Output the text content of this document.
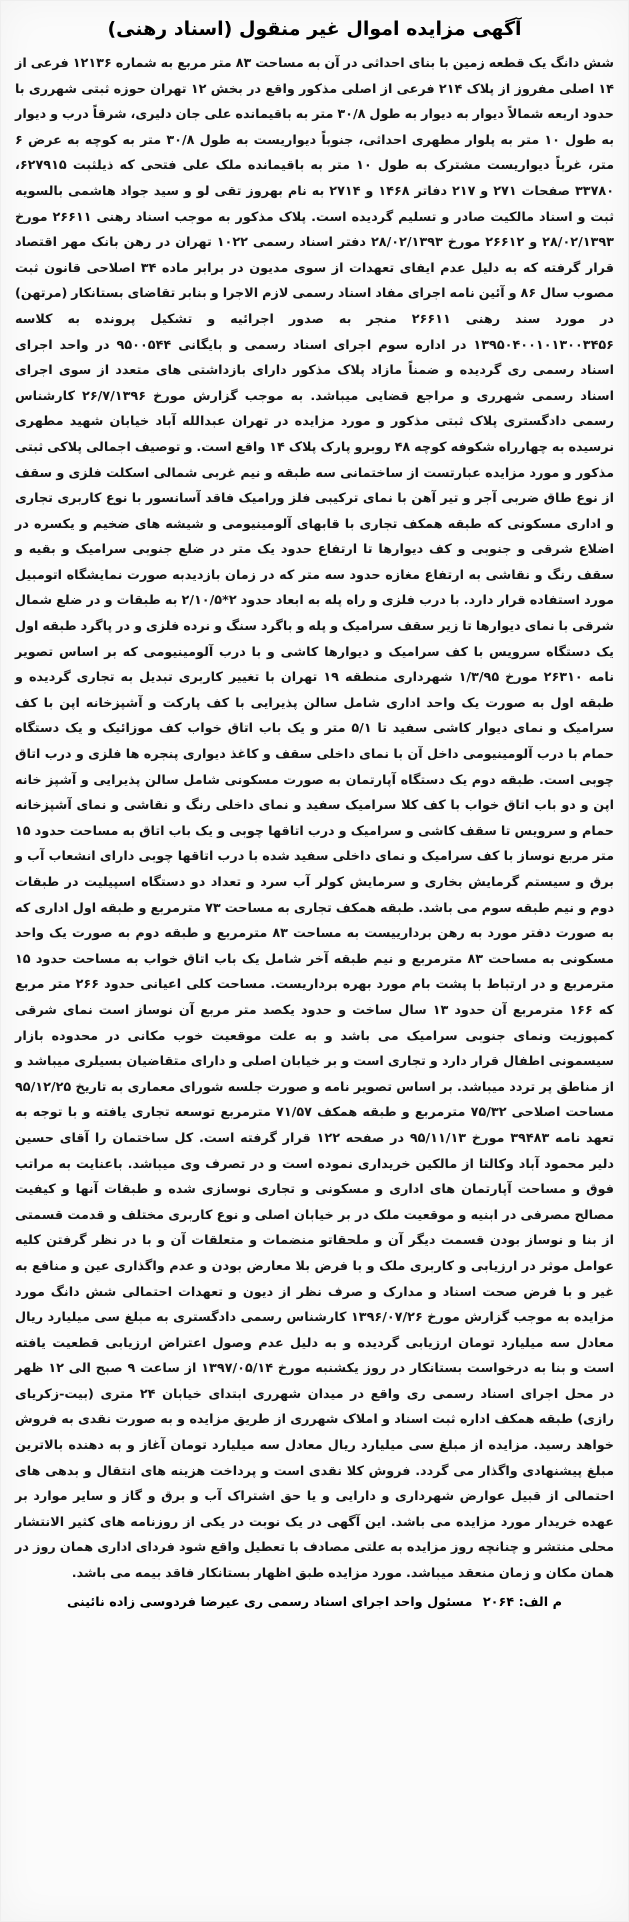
آگهی مزایده اموال غیر منقول (اسناد رهنی)

شش دانگ یک قطعه زمین با بنای احداثی در آن به مساحت ۸۳ متر مربع به شماره ۱۲۱۳۶ فرعی از ۱۴ اصلی مفروز از پلاک ۲۱۴ فرعی از اصلی مذکور واقع در بخش ۱۲ تهران حوزه ثبتی شهرری با حدود اربعه شمالاً دیوار به دیوار به طول ۳۰/۸ متر به باقیمانده علی جان دلیری، شرقاً درب و دیوار به طول ۱۰ متر به پلوار مطهری احداثی، جنوباً دیواریست به طول ۳۰/۸ متر به کوچه به عرض ۶ متر، غرباً دیواریست مشترک به طول ۱۰ متر به باقیمانده ملک علی فتحی که ذیلثبت ۶۲۷۹۱۵، ۳۳۷۸۰ صفحات ۲۷۱ و ۲۱۷ دفاتر ۱۴۶۸ و ۲۷۱۴ به نام بهروز تقی لو و سید جواد هاشمی بالسویه ثبت و اسناد مالکیت صادر و تسلیم گردیده است. پلاک مذکور به موجب اسناد رهنی ۲۶۶۱۱ مورخ ۲۸/۰۲/۱۳۹۳ و ۲۶۶۱۲ مورخ ۲۸/۰۲/۱۳۹۳ دفتر اسناد رسمی ۱۰۲۲ تهران در رهن بانک مهر اقتصاد قرار گرفته که به دلیل عدم ایفای تعهدات از سوی مدیون در برابر ماده ۳۴ اصلاحی قانون ثبت مصوب سال ۸۶ و آئین نامه اجرای مفاد اسناد رسمی لازم الاجرا و بنابر تقاضای بستانکار (مرتهن) در مورد سند رهنی ۲۶۶۱۱ منجر به صدور اجرائیه و تشکیل پرونده به کلاسه ۱۳۹۵۰۴۰۰۱۰۱۳۰۰۳۴۵۶ در اداره سوم اجرای اسناد رسمی و بایگانی ۹۵۰۰۵۴۴ در واحد اجرای اسناد رسمی ری گردیده و ضمناً مازاد پلاک مذکور دارای بازداشتی های متعدد از سوی اجرای اسناد رسمی شهرری و مراجع قضایی میباشد. به موجب گزارش مورخ ۲۶/۷/۱۳۹۶ کارشناس رسمی دادگستری پلاک ثبتی مذکور و مورد مزایده در تهران عبدالله آباد خیابان شهید مطهری نرسیده به چهارراه شکوفه کوچه ۴۸ روبرو پارک پلاک ۱۴ واقع است. و توصیف اجمالی پلاکی ثبتی مذکور و مورد مزایده عبارتست از ساختمانی سه طبقه و نیم غربی شمالی اسکلت فلزی و سقف از نوع طاق ضربی آجر و تیر آهن با نمای ترکیبی فلز ورامیک فاقد آسانسور با نوع کاربری تجاری و اداری مسکونی که طبقه همکف تجاری با قابهای آلومینیومی و شیشه های ضخیم و یکسره در اضلاع شرقی و جنوبی و کف دیوارها تا ارتفاع حدود یک متر در ضلع جنوبی سرامیک و بقیه و سقف رنگ و نقاشی به ارتفاع مغازه حدود سه متر که در زمان بازدیدبه صورت نمایشگاه اتومبیل مورد استفاده قرار دارد. با درب فلزی و راه پله به ابعاد حدود ۲*۲/۱۰/۵ به طبقات و در ضلع شمال شرقی با نمای دیوارها تا زیر سقف سرامیک و پله و باگرد سنگ و نرده فلزی و در پاگرد طبقه اول یک دستگاه سرویس با کف سرامیک و دیوارها کاشی و با درب آلومینیومی که بر اساس تصویر نامه ۲۶۳۱۰ مورخ ۱/۳/۹۵ شهرداری منطقه ۱۹ تهران با تغییر کاربری تبدیل به تجاری گردیده و طبقه اول به صورت یک واحد اداری شامل سالن پذیرایی با کف پارکت و آشپزخانه اپن با کف سرامیک و نمای دیوار کاشی سفید تا ۵/۱ متر و یک باب اتاق خواب کف موزائیک و یک دستگاه حمام با درب آلومینیومی داخل آن با نمای داخلی سقف و کاغذ دیواری پنجره ها فلزی و درب اتاق چوبی است. طبقه دوم یک دستگاه آپارتمان به صورت مسکونی شامل سالن پذیرایی و آشپز خانه اپن و دو باب اتاق خواب با کف کلا سرامیک سفید و نمای داخلی رنگ و نقاشی و نمای آشپزخانه حمام و سرویس تا سقف کاشی و سرامیک و درب اتاقها چوبی و یک باب اتاق به مساحت حدود ۱۵ متر مربع نوساز با کف سرامیک و نمای داخلی سفید شده با درب اتاقها چوبی دارای انشعاب آب و برق و سیستم گرمایش بخاری و سرمایش کولر آب سرد و تعداد دو دستگاه اسپیلیت در طبقات دوم و نیم طبقه سوم می باشد. طبقه همکف تجاری به مساحت ۷۳ مترمربع و طبقه اول اداری که به صورت دفتر مورد به رهن بردارییست به مساحت ۸۳ مترمربع و طبقه دوم به صورت یک واحد مسکونی به مساحت ۸۳ مترمربع و نیم طبقه آخر شامل یک باب اتاق خواب به مساحت حدود ۱۵ مترمربع و در ارتباط با پشت بام مورد بهره برداریست. مساحت کلی اعیانی حدود ۲۶۶ متر مربع که ۱۶۶ مترمربع آن حدود ۱۳ سال ساخت و حدود یکصد متر مربع آن نوساز است نمای شرقی کمپوزیت ونمای جنوبی سرامیک می باشد و به علت موقعیت خوب مکانی در محدوده بازار سیسمونی اطفال قرار دارد و تجاری است و بر خیابان اصلی و دارای متقاضیان بسیلری میباشد و از مناطق پر تردد میباشد. بر اساس تصویر نامه و صورت جلسه شورای معماری به تاریخ ۹۵/۱۲/۲۵ مساحت اصلاحی ۷۵/۳۲ مترمربع و طبقه همکف ۷۱/۵۷ مترمربع توسعه تجاری یافته و با توجه به تعهد نامه ۳۹۴۸۳ مورخ ۹۵/۱۱/۱۳ در صفحه ۱۲۲ قرار گرفته است. کل ساختمان را آقای حسین دلیر محمود آباد وکالتا از مالکین خریداری نموده است و در تصرف وی میباشد. باعنایت به مراتب فوق و مساحت آپارتمان های اداری و مسکونی و تجاری نوسازی شده و طبقات آنها و کیفیت مصالح مصرفی در ابنیه و موقعیت ملک در بر خیابان اصلی و نوع کاربری مختلف و قدمت قسمتی از بنا و نوساز بودن قسمت دیگر آن و ملحقاتو منضمات و متعلقات آن و با در نظر گرفتن کلیه عوامل موثر در ارزیابی و کاربری ملک و با فرض بلا معارض بودن و عدم واگذاری عین و منافع به غیر و با فرض صحت اسناد و مدارک و صرف نظر از دیون و تعهدات احتمالی شش دانگ مورد مزایده به موجب گزارش مورخ ۱۳۹۶/۰۷/۲۶ کارشناس رسمی دادگستری به مبلغ سی میلیارد ریال معادل سه میلیارد تومان ارزیابی گردیده و به دلیل عدم وصول اعتراض ارزیابی قطعیت یافته است و بنا به درخواست بستانکار در روز یکشنبه مورخ ۱۳۹۷/۰۵/۱۴ از ساعت ۹ صبح الی ۱۲ ظهر در محل اجرای اسناد رسمی ری واقع در میدان شهرری ابتدای خیابان ۲۴ متری (بیت-زکریای رازی) طبقه همکف اداره ثبت اسناد و املاک شهرری از طریق مزایده و به صورت نقدی به فروش خواهد رسید. مزایده از مبلغ سی میلیارد ریال معادل سه میلیارد تومان آغاز و به دهنده بالاترین مبلغ پیشنهادی واگذار می گردد. فروش کلا نقدی است و پرداخت هزینه های انتقال و بدهی های احتمالی از قبیل عوارض شهرداری و دارایی و یا حق اشتراک آب و برق و گاز و سایر موارد بر عهده خریدار مورد مزایده می باشد. این آگهی در یک نوبت در یکی از روزنامه های کثیر الانتشار محلی منتشر و چنانچه روز مزایده به علتی مصادف با تعطیل واقع شود فردای اداری همان روز در همان مکان و زمان منعقد میباشد. مورد مزایده طبق اظهار بستانکار فاقد بیمه می باشد.

م الف: ۲۰۶۴ مسئول واحد اجرای اسناد رسمی ری عیرضا فردوسی زاده نائینی
